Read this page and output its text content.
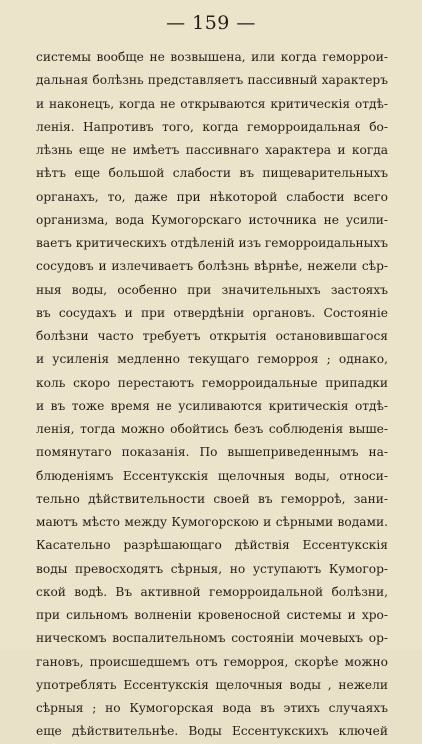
— 159 —
системы вообще не возвышена, или когда геморрои-
дальная болѣзнь представляетъ пассивный характеръ
и наконецъ, когда не открываются критическія отдѣ-
ленія. Напротивъ того, когда геморроидальная бо-
лѣзнь еще не имѣетъ пассивнаго характера и когда
нѣтъ еще большой слабости въ пищеварительныхъ
органахъ, то, даже при нѣкоторой слабости всего
организма, вода Кумогорскаго источника не усили-
ваетъ критическихъ отдѣленій изъ геморроидальныхъ
сосудовъ и излечиваетъ болѣзнь вѣрнѣе, нежели сѣр-
ныя воды, особенно при значительныхъ застояхъ
въ сосудахъ и при отвердѣніи органовъ. Состояніе
болѣзни часто требуетъ открытія остановившагося
и усиленія медленно текущаго геморроя ; однако,
коль скоро перестаютъ геморроидальные припадки
и въ тоже время не усиливаются критическія отдѣ-
ленія, тогда можно обойтись безъ соблюденія выше-
помянутаго показанія. По вышеприведеннымъ на-
блюденіямъ Ессентукскія щелочныя воды, относи-
тельно дѣйствительности своей въ геморроѣ, зани-
маютъ мѣсто между Кумогорскою и сѣрными водами.
Касательно разрѣшающаго дѣйствія Ессентукскія
воды превосходятъ сѣрныя, но уступаютъ Кумогор-
ской водѣ. Въ активной геморроидальной болѣзни,
при сильномъ волненіи кровеносной системы и хро-
ническомъ воспалительномъ состояніи мочевыхъ ор-
гановъ, происшедшемъ отъ геморроя, скорѣе можно
употреблять Ессентукскія щелочныя воды , нежели
сѣрныя ; но Кумогорская вода въ этихъ случаяхъ
еще дѣйствительнѣе. Воды Ессентукскихъ ключей
